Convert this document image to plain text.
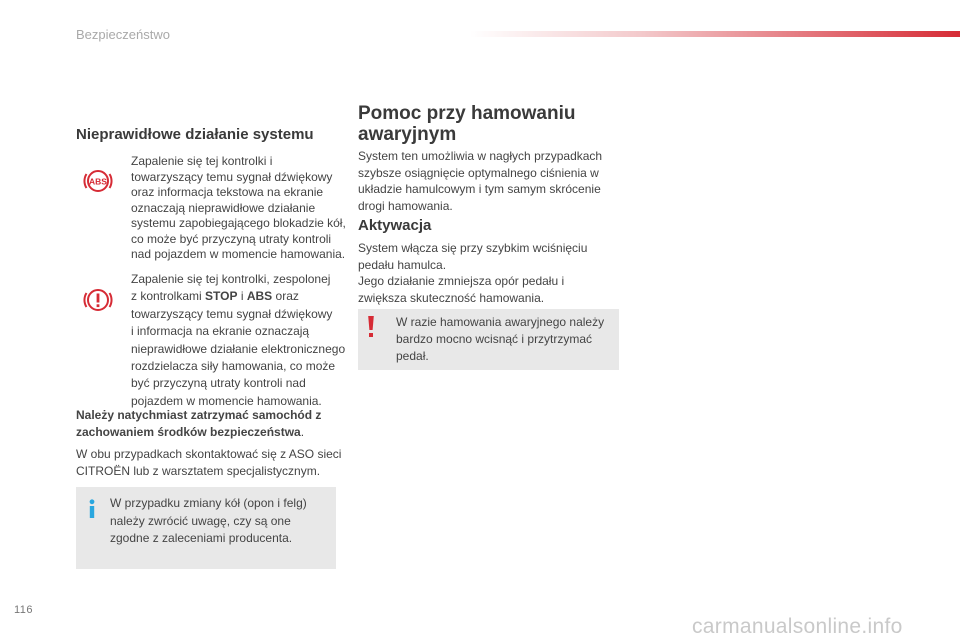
Bezpieczeństwo
Nieprawidłowe działanie systemu
ABS
Zapalenie się tej kontrolki i
towarzyszący temu sygnał dźwiękowy
oraz informacja tekstowa na ekranie
oznaczają nieprawidłowe działanie
systemu zapobiegającego blokadzie kół,
co może być przyczyną utraty kontroli
nad pojazdem w momencie hamowania.
Zapalenie się tej kontrolki, zespolonej
z kontrolkami STOP i ABS oraz
towarzyszący temu sygnał dźwiękowy
i informacja na ekranie oznaczają
nieprawidłowe działanie elektronicznego
rozdzielacza siły hamowania, co może
być przyczyną utraty kontroli nad
pojazdem w momencie hamowania.
Należy natychmiast zatrzymać samochód z
zachowaniem środków bezpieczeństwa.
W obu przypadkach skontaktować się z ASO sieci
CITROËN lub z warsztatem specjalistycznym.
W przypadku zmiany kół (opon i felg)
należy zwrócić uwagę, czy są one
zgodne z zaleceniami producenta.
Pomoc przy hamowaniu
awaryjnym
System ten umożliwia w nagłych przypadkach
szybsze osiągnięcie optymalnego ciśnienia w
układzie hamulcowym i tym samym skrócenie
drogi hamowania.
Aktywacja
System włącza się przy szybkim wciśnięciu
pedału hamulca.
Jego działanie zmniejsza opór pedału i
zwiększa skuteczność hamowania.
W razie hamowania awaryjnego należy
bardzo mocno wcisnąć i przytrzymać
pedał.
116
carmanualsonline.info
